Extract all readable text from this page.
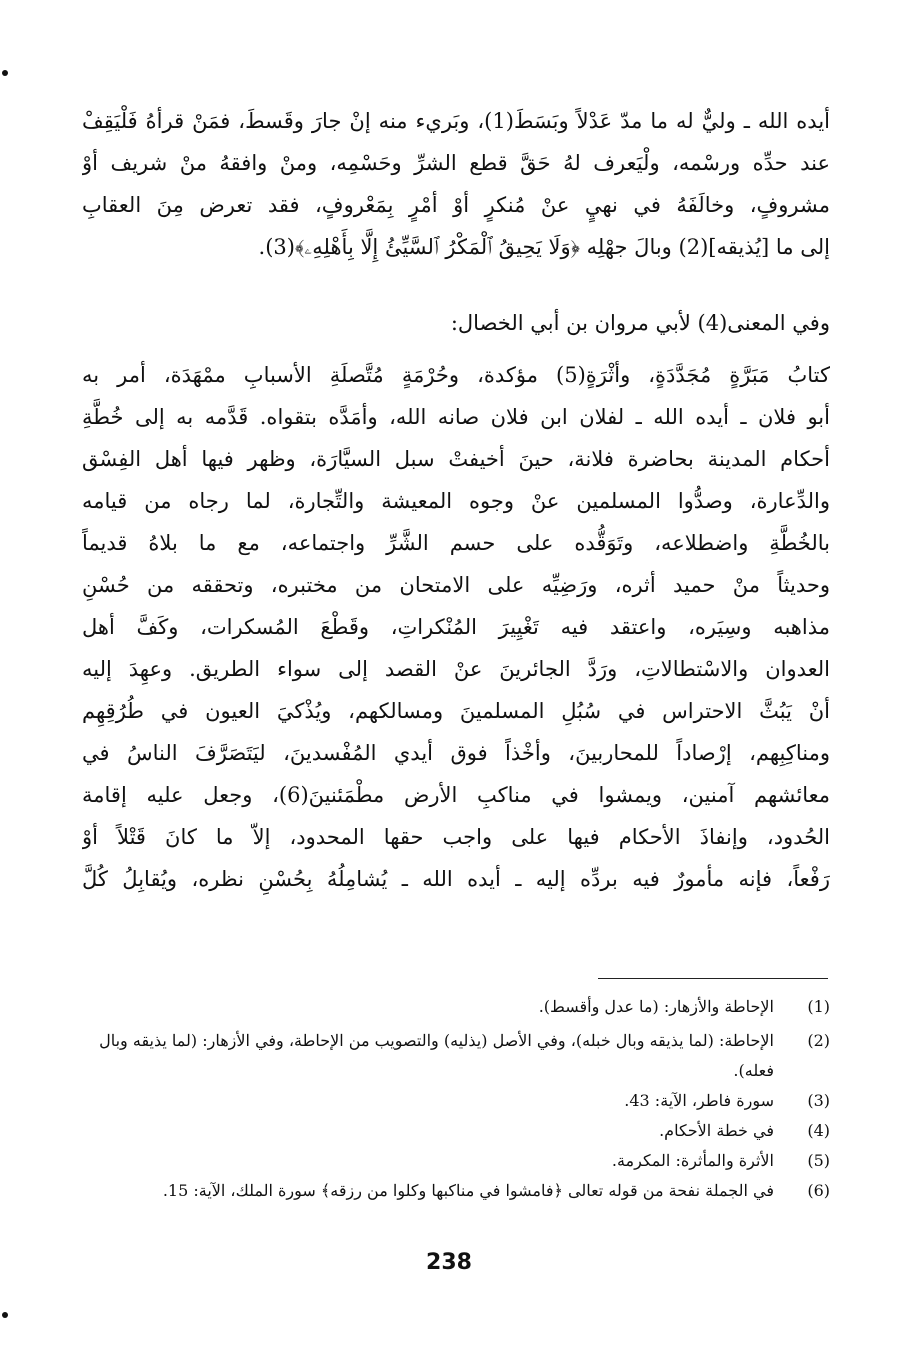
أيده الله ـ وليٌّ له ما مدّ عَدْلاً وبَسَطَ(1)، وبَريء منه إنْ جارَ وقَسطَ، فمَنْ قرأهُ فَلْيَقِفْ
عند حدِّه ورسْمه، ولْيَعرف لهُ حَقَّ قطع الشرِّ وحَسْمِه، ومنْ وافقهُ منْ شريف أوْ
مشروفٍ، وخالَفَهُ في نهيٍ عنْ مُنكرٍ أوْ أمْرٍ بِمَعْروفٍ، فقد تعرض مِنَ العقابِ
إلى ما [يُذيقه](2) وبالَ جهْلِه ﴿وَلَا يَحِيقُ ٱلْمَكْرُ ٱلسَّيِّئُ إِلَّا بِأَهْلِهِۦ﴾(3).
وفي المعنى(4) لأبي مروان بن أبي الخصال:
كتابُ مَبَرَّةٍ مُجَدَّدَةٍ، وأثْرَةٍ(5) مؤكدة، وحُرْمَةٍ مُتَّصلَةِ الأسبابِ ممْهَدَة، أمر به
أبو فلان ـ أيده الله ـ لفلان ابن فلان صانه الله، وأمَدَّه بتقواه. قَدَّمه به إلى خُطَّةِ
أحكام المدينة بحاضرة فلانة، حينَ أخيفتْ سبل السيَّارَة، وظهر فيها أهل الفِسْق
والدِّعارة، وصدُّوا المسلمين عنْ وجوه المعيشة والتِّجارة، لما رجاه من قيامه
بالخُطَّةِ واضطلاعه، وتَوَقُّده على حسم الشَّرِّ واجتماعه، مع ما بلاهُ قديماً
وحديثاً منْ حميد أثره، ورَضِيِّه على الامتحان من مختبره، وتحققه من حُسْنِ
مذاهبه وسِيَره، واعتقد فيه تَغْيِيرَ المُنْكراتِ، وقَطْعَ المُسكرات، وكَفَّ أهل
العدوان والاسْتطالاتِ، ورَدَّ الجائرينَ عنْ القصد إلى سواء الطريق. وعهِدَ إليه
أنْ يَبُثَّ الاحتراس في سُبُلِ المسلمينَ ومسالكهم، ويُذْكيَ العيون في طُرُقِهِم
ومناكِبِهم، إرْصاداً للمحاربينَ، وأخْذاً فوق أيدي المُفْسدينَ، ليَتَصَرَّفَ الناسُ في
معائشهم آمنين، ويمشوا في مناكبِ الأرض مطْمَئنينَ(6)، وجعل عليه إقامة
الحُدود، وإنفاذَ الأحكام فيها على واجب حقها المحدود، إلاّ ما كانَ قَتْلاً أوْ
رَفْعاً، فإنه مأمورٌ فيه بردِّه إليه ـ أيده الله ـ يُشامِلُهُ بِحُسْنِ نظره، ويُقابِلُ كُلَّ
(1)
الإحاطة والأزهار: (ما عدل وأقسط).
(2)
الإحاطة: (لما يذيقه وبال خبله)، وفي الأصل (يذليه) والتصويب من الإحاطة، وفي الأزهار: (لما يذيقه وبال فعله).
(3)
سورة فاطر، الآية: 43.
(4)
في خطة الأحكام.
(5)
الأثرة والمأثرة: المكرمة.
(6)
في الجملة نفحة من قوله تعالى ﴿فامشوا في مناكبها وكلوا من رزقه﴾ سورة الملك، الآية: 15.
238
